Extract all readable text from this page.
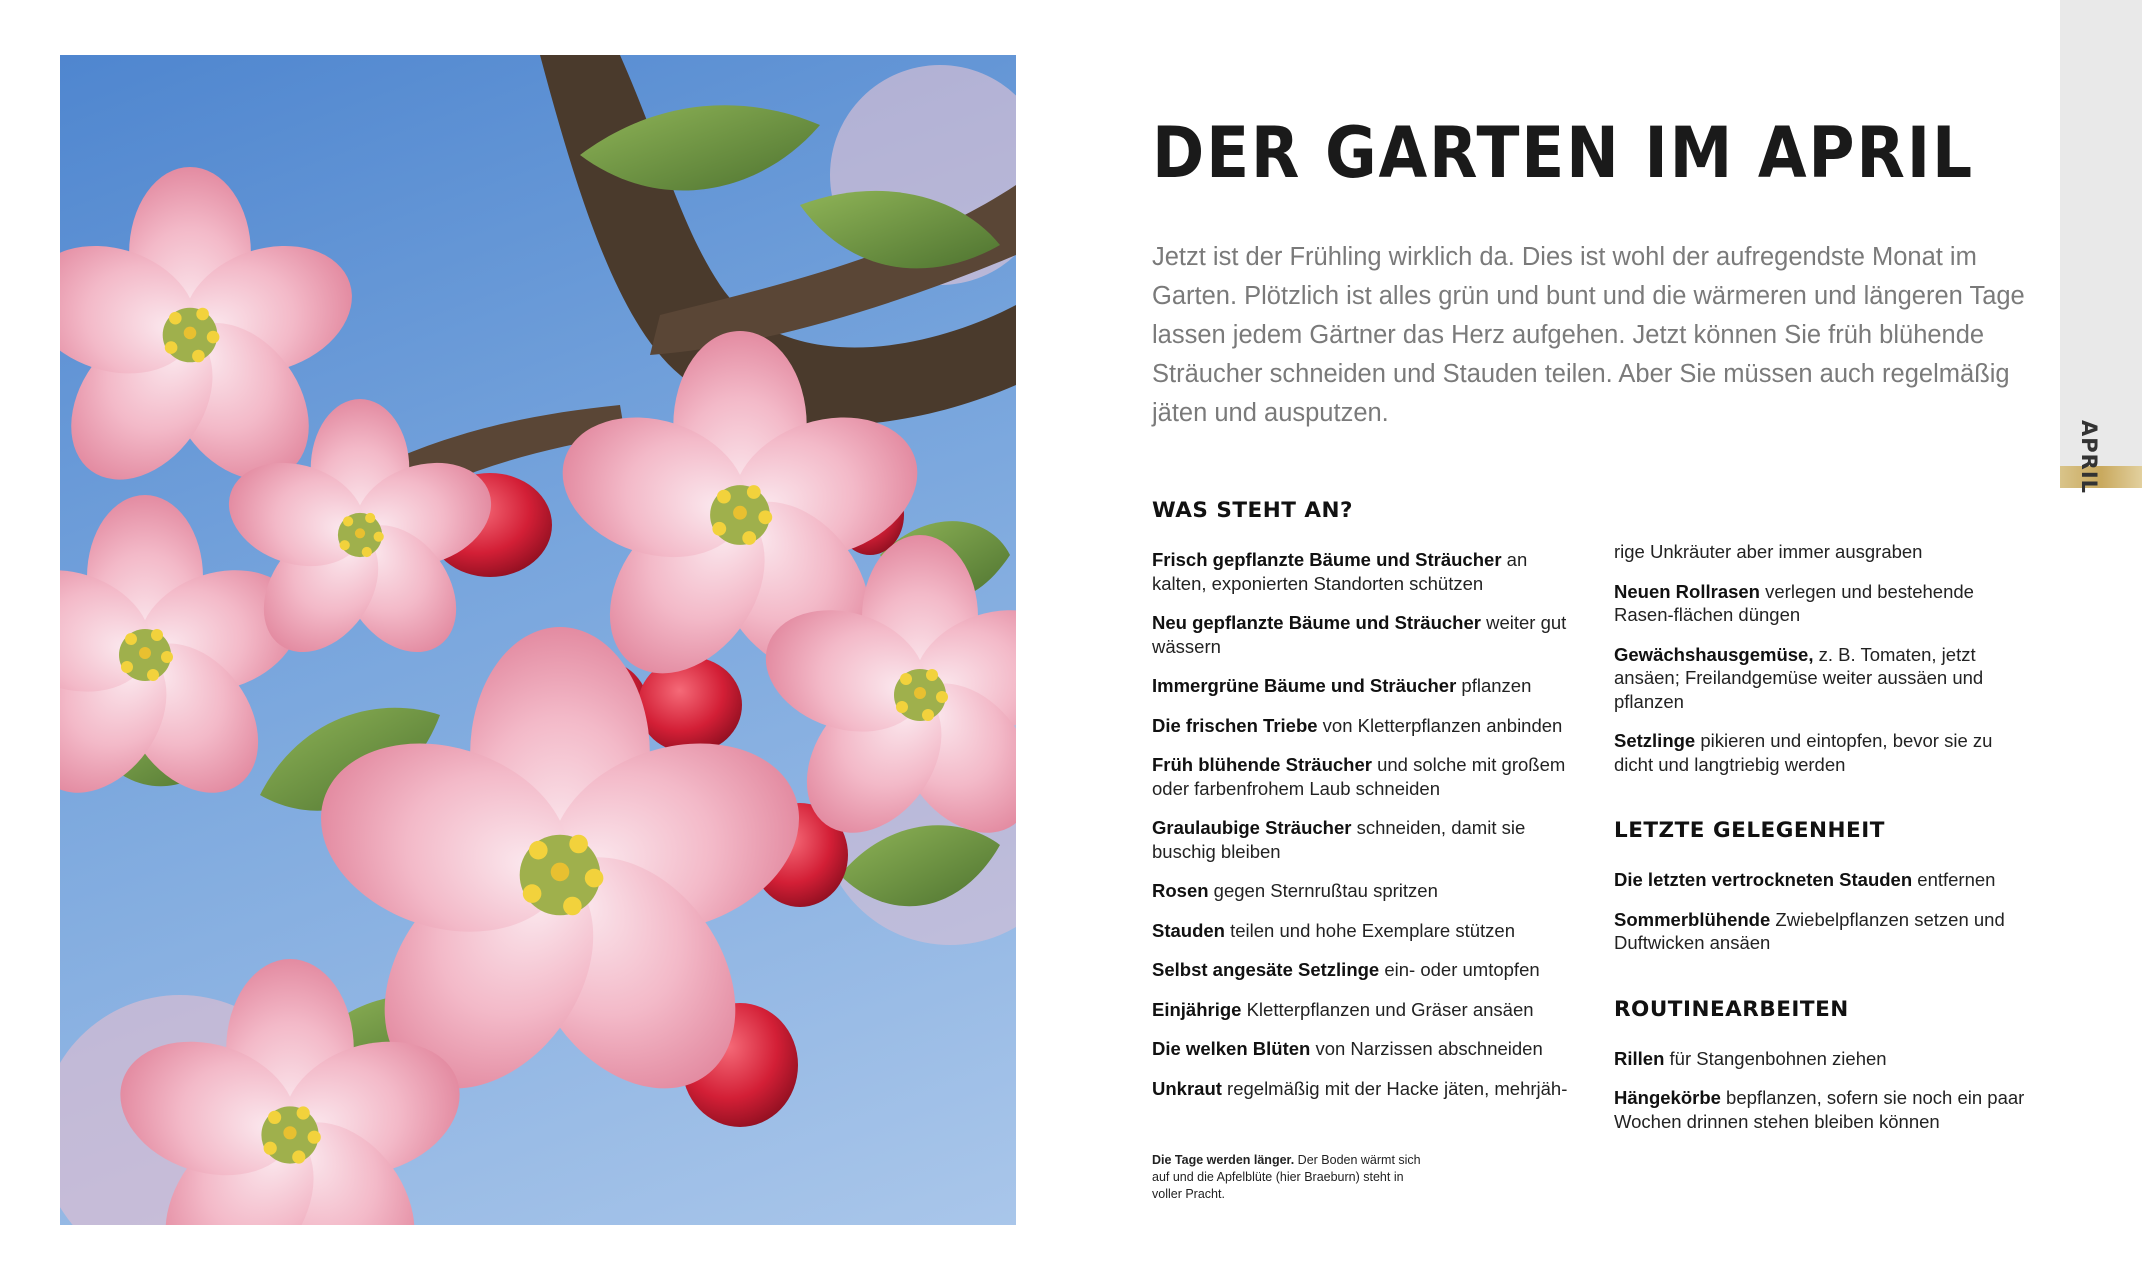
DER GARTEN IM APRIL

Jetzt ist der Frühling wirklich da. Dies ist wohl der aufregendste Monat im Garten. Plötzlich ist alles grün und bunt und die wärmeren und längeren Tage lassen jedem Gärtner das Herz aufgehen. Jetzt können Sie früh blühende Sträucher schneiden und Stauden teilen. Aber Sie müssen auch regelmäßig jäten und ausputzen.

WAS STEHT AN?
Frisch gepflanzte Bäume und Sträucher an kalten, exponierten Standorten schützen
Neu gepflanzte Bäume und Sträucher weiter gut wässern
Immergrüne Bäume und Sträucher pflanzen
Die frischen Triebe von Kletterpflanzen anbinden
Früh blühende Sträucher und solche mit großem oder farbenfrohem Laub schneiden
Graulaubige Sträucher schneiden, damit sie buschig bleiben
Rosen gegen Sternrußtau spritzen
Stauden teilen und hohe Exemplare stützen
Selbst angesäte Setzlinge ein- oder umtopfen
Einjährige Kletterpflanzen und Gräser ansäen
Die welken Blüten von Narzissen abschneiden
Unkraut regelmäßig mit der Hacke jäten, mehrjäh-
rige Unkräuter aber immer ausgraben
Neuen Rollrasen verlegen und bestehende Rasen-flächen düngen
Gewächshausgemüse, z. B. Tomaten, jetzt ansäen; Freilandgemüse weiter aussäen und pflanzen
Setzlinge pikieren und eintopfen, bevor sie zu dicht und langtriebig werden
LETZTE GELEGENHEIT
Die letzten vertrockneten Stauden entfernen
Sommerblühende Zwiebelpflanzen setzen und Duftwicken ansäen
ROUTINEARBEITEN
Rillen für Stangenbohnen ziehen
Hängekörbe bepflanzen, sofern sie noch ein paar Wochen drinnen stehen bleiben können
Die Tage werden länger. Der Boden wärmt sich auf und die Apfelblüte (hier Braeburn) steht in voller Pracht.
APRIL
